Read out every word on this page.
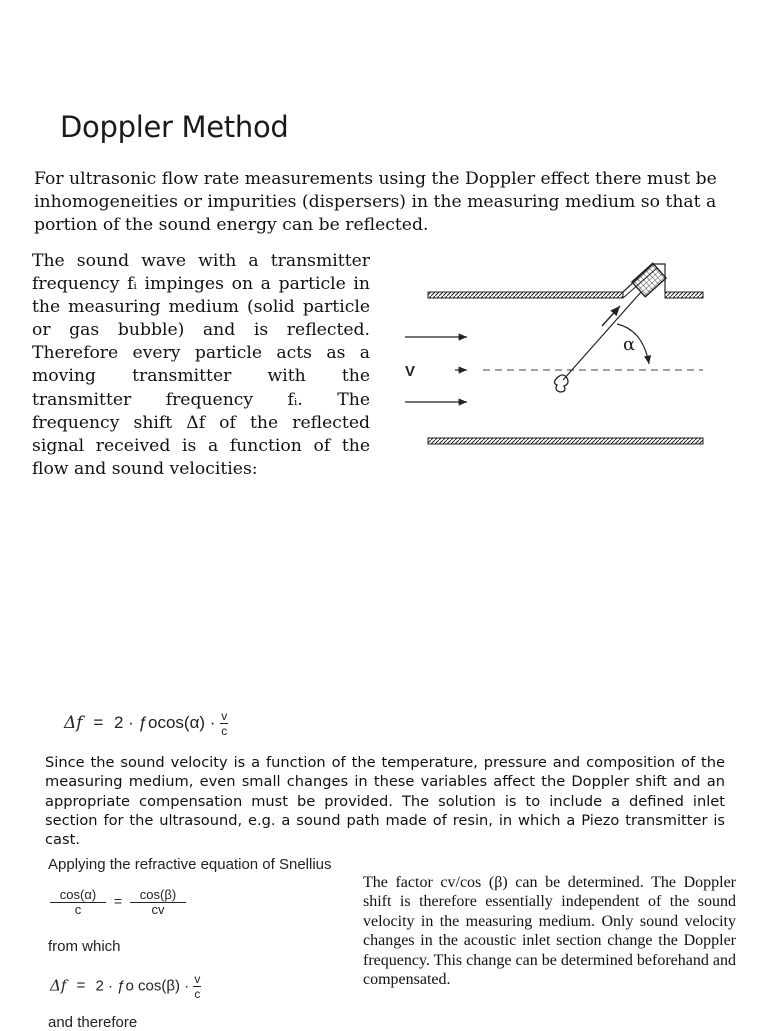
Doppler Method
For ultrasonic flow rate measurements using the Doppler effect there must be inhomogeneities or impurities (dispersers) in the measuring medium so that a portion of the sound energy can be reflected.
The sound wave with a transmitter frequency fᵢ impinges on a particle in the measuring medium (solid particle or gas bubble) and is reflected. Therefore every particle acts as a moving transmitter with the transmitter frequency fᵢ. The frequency shift Δf of the reflected signal received is a function of the flow and sound velocities:
V
α
Δf = 2 · ƒocos(α) · $\frac{v}{c}$
Since the sound velocity is a function of the temperature, pressure and composition of the measuring medium, even small changes in these variables affect the Doppler shift and an appropriate compensation must be provided. The solution is to include a defined inlet section for the ultrasound, e.g. a sound path made of resin, in which a Piezo transmitter is cast.
Applying the refractive equation of Snellius
$\frac{\cos(\alpha)}{c} = \frac{\cos(\beta)}{cv}$
The factor cv/cos (β) can be determined. The Doppler shift is therefore essentially independent of the sound velocity in the measuring medium. Only sound velocity changes in the acoustic inlet section change the Doppler frequency. This change can be determined beforehand and compensated.
from which
Δf = 2 · ƒo $\cos(\beta) \cdot \frac{v}{c}$
and therefore
